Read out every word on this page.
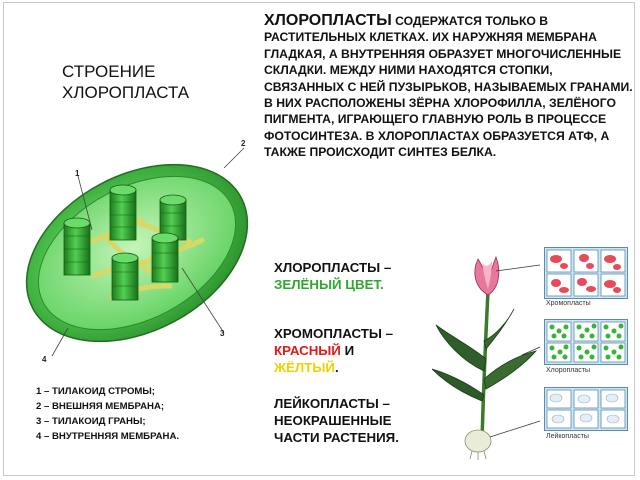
СТРОЕНИЕ
ХЛОРОПЛАСТА
ХЛОРОПЛАСТЫ СОДЕРЖАТСЯ ТОЛЬКО В РАСТИТЕЛЬНЫХ КЛЕТКАХ. ИХ НАРУЖНЯЯ МЕМБРАНА ГЛАДКАЯ, А ВНУТРЕННЯЯ ОБРАЗУЕТ МНОГОЧИСЛЕННЫЕ СКЛАДКИ. МЕЖДУ НИМИ НАХОДЯТСЯ СТОПКИ, СВЯЗАННЫХ С НЕЙ ПУЗЫРЬКОВ, НАЗЫВАЕМЫХ ГРАНАМИ. В НИХ РАСПОЛОЖЕНЫ ЗЁРНА ХЛОРОФИЛЛА, ЗЕЛЁНОГО ПИГМЕНТА, ИГРАЮЩЕГО ГЛАВНУЮ РОЛЬ В ПРОЦЕССЕ ФОТОСИНТЕЗА. В ХЛОРОПЛАСТАХ ОБРАЗУЕТСЯ АТФ, А ТАКЖЕ ПРОИСХОДИТ СИНТЕЗ БЕЛКА.
1
2
3
4
1 – ТИЛАКОИД СТРОМЫ;
2 – ВНЕШНЯЯ МЕМБРАНА;
3 – ТИЛАКОИД ГРАНЫ;
4 – ВНУТРЕННЯЯ МЕМБРАНА.
ХЛОРОПЛАСТЫ –
ЗЕЛЁНЫЙ ЦВЕТ.
ХРОМОПЛАСТЫ –
КРАСНЫЙ И
ЖЁЛТЫЙ.
ЛЕЙКОПЛАСТЫ –
НЕОКРАШЕННЫЕ
ЧАСТИ РАСТЕНИЯ.
Хромопласты
Хлоропласты
Лейкопласты
